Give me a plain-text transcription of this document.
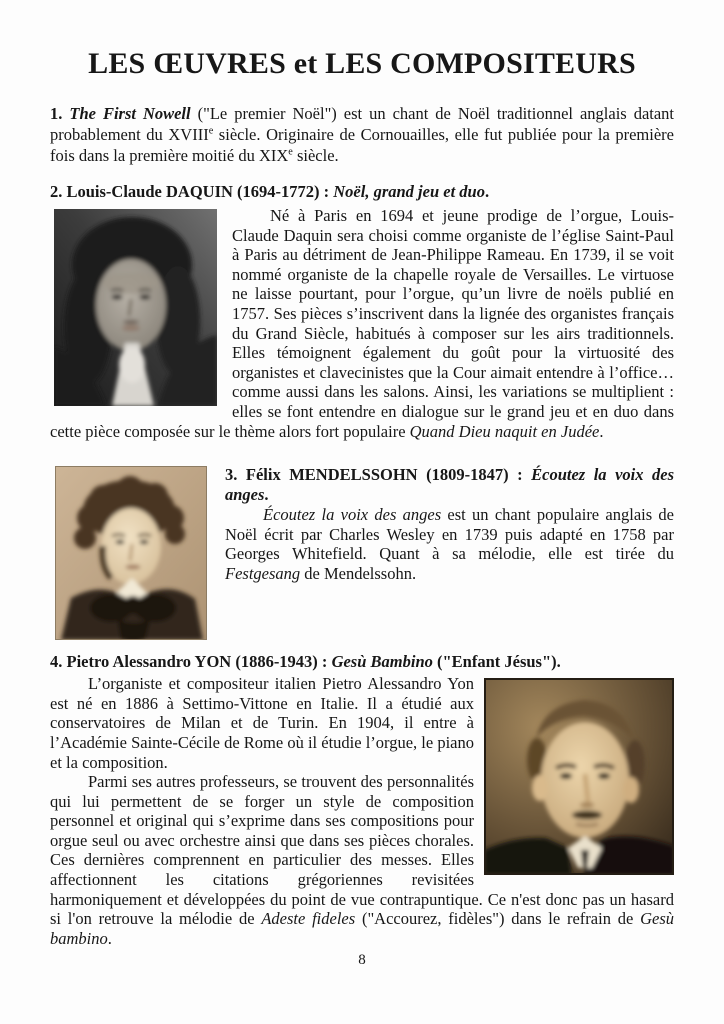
LES ŒUVRES et LES COMPOSITEURS

1. The First Nowell ("Le premier Noël") est un chant de Noël traditionnel anglais datant probablement du XVIIIe siècle. Originaire de Cornouailles, elle fut publiée pour la première fois dans la première moitié du XIXe siècle.

2. Louis-Claude DAQUIN (1694-1772) : Noël, grand jeu et duo.

Né à Paris en 1694 et jeune prodige de l’orgue, Louis-Claude Daquin sera choisi comme organiste de l’église Saint-Paul à Paris au détriment de Jean-Philippe Rameau. En 1739, il se voit nommé organiste de la chapelle royale de Versailles. Le virtuose ne laisse pourtant, pour l’orgue, qu’un livre de noëls publié en 1757. Ses pièces s’inscrivent dans la lignée des organistes français du Grand Siècle, habitués à composer sur les airs traditionnels. Elles témoignent également du goût pour la virtuosité des organistes et clavecinistes que la Cour aimait entendre à l’office… comme aussi dans les salons. Ainsi, les variations se multiplient : elles se font entendre en dialogue sur le grand jeu et en duo dans cette pièce composée sur le thème alors fort populaire Quand Dieu naquit en Judée.

3. Félix MENDELSSOHN (1809-1847) : Écoutez la voix des anges.

Écoutez la voix des anges est un chant populaire anglais de Noël écrit par Charles Wesley en 1739 puis adapté en 1758 par Georges Whitefield. Quant à sa mélodie, elle est tirée du Festgesang de Mendelssohn.

4. Pietro Alessandro YON (1886-1943) : Gesù Bambino ("Enfant Jésus").

L’organiste et compositeur italien Pietro Alessandro Yon est né en 1886 à Settimo-Vittone en Italie. Il a étudié aux conservatoires de Milan et de Turin. En 1904, il entre à l’Académie Sainte-Cécile de Rome où il étudie l’orgue, le piano et la composition.

Parmi ses autres professeurs, se trouvent des personnalités qui lui permettent de se forger un style de composition personnel et original qui s’exprime dans ses compositions pour orgue seul ou avec orchestre ainsi que dans ses pièces chorales. Ces dernières comprennent en particulier des messes. Elles affectionnent les citations grégoriennes revisitées harmoniquement et développées du point de vue contrapuntique. Ce n'est donc pas un hasard si l'on retrouve la mélodie de Adeste fideles ("Accourez, fidèles") dans le refrain de Gesù bambino.

8
